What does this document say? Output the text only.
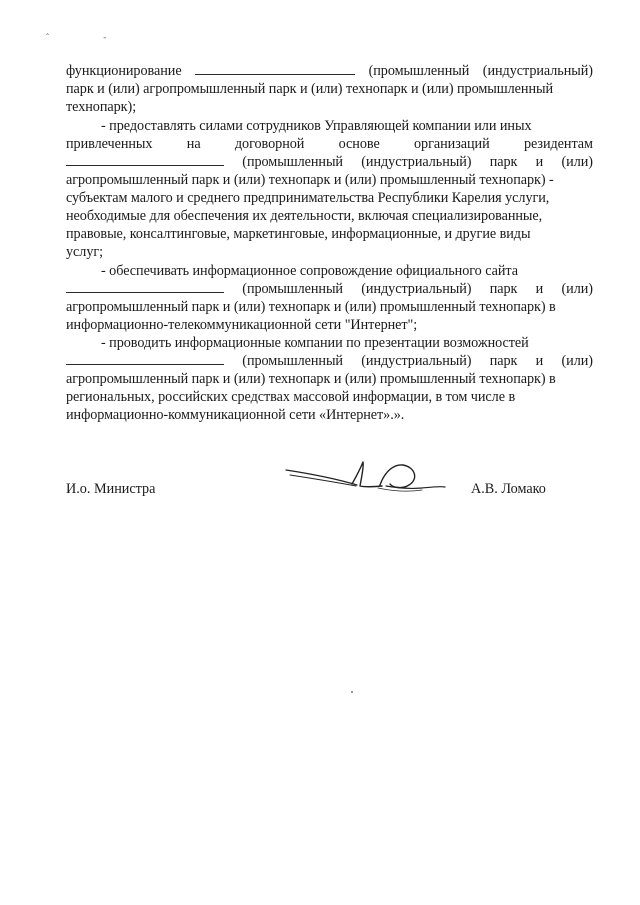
ˆ -
функционирование	(промышленный (индустриальный)
парк и (или) агропромышленный парк и (или) технопарк и (или) промышленный
технопарк);
- предоставлять силами сотрудников Управляющей компании или иных
привлеченных на договорной основе организаций резидентам
(промышленный (индустриальный) парк и (или)
агропромышленный парк и (или) технопарк и (или) промышленный технопарк) -
субъектам малого и среднего предпринимательства Республики Карелия услуги,
необходимые для обеспечения их деятельности, включая специализированные,
правовые, консалтинговые, маркетинговые, информационные, и другие виды
услуг;
- обеспечивать информационное сопровождение официального сайта
(промышленный (индустриальный) парк и (или)
агропромышленный парк и (или) технопарк и (или) промышленный технопарк) в
информационно-телекоммуникационной сети "Интернет";
- проводить информационные компании по презентации возможностей
(промышленный (индустриальный) парк и (или)
агропромышленный парк и (или) технопарк и (или) промышленный технопарк) в
региональных, российских средствах массовой информации, в том числе в
информационно-коммуникационной сети «Интернет».».
И.о. Министра	А.В. Ломако
